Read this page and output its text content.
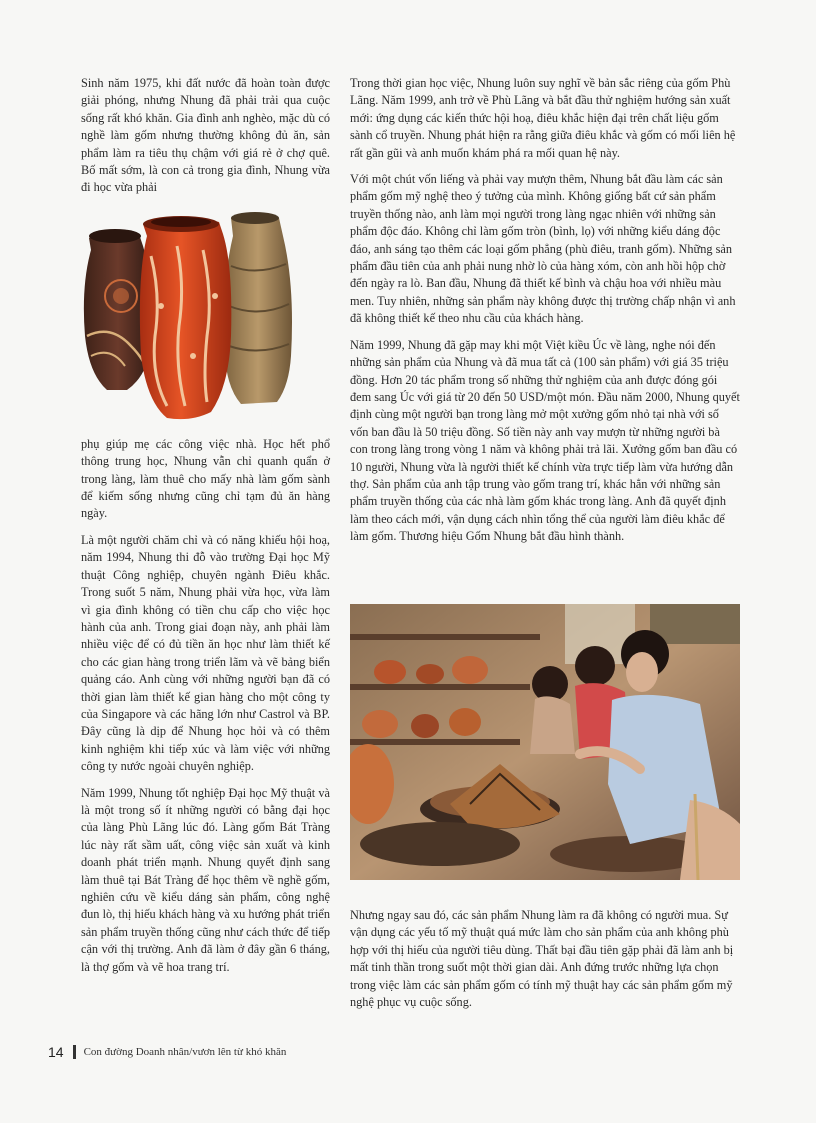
Sinh năm 1975, khi đất nước đã hoàn toàn được giải phóng, nhưng Nhung đã phải trải qua cuộc sống rất khó khăn. Gia đình anh nghèo, mặc dù có nghề làm gốm nhưng thường không đủ ăn, sản phẩm làm ra tiêu thụ chậm với giá rẻ ở chợ quê. Bố mất sớm, là con cả trong gia đình, Nhung vừa đi học vừa phải

phụ giúp mẹ các công việc nhà. Học hết phổ thông trung học, Nhung vẫn chỉ quanh quẩn ở trong làng, làm thuê cho mấy nhà làm gốm sành để kiếm sống nhưng cũng chỉ tạm đủ ăn hàng ngày.

Là một người chăm chỉ và có năng khiếu hội hoạ, năm 1994, Nhung thi đỗ vào trường Đại học Mỹ thuật Công nghiệp, chuyên ngành Điêu khắc. Trong suốt 5 năm, Nhung phải vừa học, vừa làm vì gia đình không có tiền chu cấp cho việc học hành của anh. Trong giai đoạn này, anh phải làm nhiều việc để có đủ tiền ăn học như làm thiết kế cho các gian hàng trong triển lãm và vẽ bảng biển quảng cáo. Anh cùng với những người bạn đã có thời gian làm thiết kế gian hàng cho một công ty của Singapore và các hãng lớn như Castrol và BP. Đây cũng là dịp để Nhung học hỏi và có thêm kinh nghiệm khi tiếp xúc và làm việc với những công ty nước ngoài chuyên nghiệp.

Năm 1999, Nhung tốt nghiệp Đại học Mỹ thuật và là một trong số ít những người có bằng đại học của làng Phù Lãng lúc đó. Làng gốm Bát Tràng lúc này rất sầm uất, công việc sản xuất và kinh doanh phát triển mạnh. Nhung quyết định sang làm thuê tại Bát Tràng để học thêm về nghề gốm, nghiên cứu về kiểu dáng sản phẩm, công nghệ đun lò, thị hiếu khách hàng và xu hướng phát triển sản phẩm truyền thống cũng như cách thức để tiếp cận với thị trường. Anh đã làm ở đây gần 6 tháng, là thợ gốm và vẽ hoa trang trí.

Trong thời gian học việc, Nhung luôn suy nghĩ về bản sắc riêng của gốm Phù Lãng. Năm 1999, anh trở về Phù Lãng và bắt đầu thử nghiệm hướng sản xuất mới: ứng dụng các kiến thức hội hoạ, điêu khắc hiện đại trên chất liệu gốm sành cổ truyền. Nhung phát hiện ra rằng giữa điêu khắc và gốm có mối liên hệ rất gần gũi và anh muốn khám phá ra mối quan hệ này.

Với một chút vốn liếng và phải vay mượn thêm, Nhung bắt đầu làm các sản phẩm gốm mỹ nghệ theo ý tưởng của mình. Không giống bất cứ sản phẩm truyền thống nào, anh làm mọi người trong làng ngạc nhiên với những sản phẩm độc đáo. Không chỉ làm gốm tròn (bình, lọ) với những kiểu dáng độc đáo, anh sáng tạo thêm các loại gốm phẳng (phù điêu, tranh gốm). Những sản phẩm đầu tiên của anh phải nung nhờ lò của hàng xóm, còn anh hồi hộp chờ đến ngày ra lò. Ban đầu, Nhung đã thiết kế bình và chậu hoa với nhiều màu men. Tuy nhiên, những sản phẩm này không được thị trường chấp nhận vì anh đã không thiết kế theo nhu cầu của khách hàng.

Năm 1999, Nhung đã gặp may khi một Việt kiều Úc về làng, nghe nói đến những sản phẩm của Nhung và đã mua tất cả (100 sản phẩm) với giá 35 triệu đồng. Hơn 20 tác phẩm trong số những thử nghiệm của anh được đóng gói đem sang Úc với giá từ 20 đến 50 USD/một món. Đầu năm 2000, Nhung quyết định cùng một người bạn trong làng mở một xưởng gốm nhỏ tại nhà với số vốn ban đầu là 50 triệu đồng. Số tiền này anh vay mượn từ những người bà con trong làng trong vòng 1 năm và không phải trả lãi. Xưởng gốm ban đầu có 10 người, Nhung vừa là người thiết kế chính vừa trực tiếp làm vừa hướng dẫn thợ. Sản phẩm của anh tập trung vào gốm trang trí, khác hẳn với những sản phẩm truyền thống của các nhà làm gốm khác trong làng. Anh đã quyết định làm theo cách mới, vận dụng cách nhìn tổng thể của người làm điêu khắc để làm gốm. Thương hiệu Gốm Nhung bắt đầu hình thành.

Nhưng ngay sau đó, các sản phẩm Nhung làm ra đã không có người mua. Sự vận dụng các yếu tố mỹ thuật quá mức làm cho sản phẩm của anh không phù hợp với thị hiếu của người tiêu dùng. Thất bại đầu tiên gặp phải đã làm anh bị mất tinh thần trong suốt một thời gian dài. Anh đứng trước những lựa chọn trong việc làm các sản phẩm gốm có tính mỹ thuật hay các sản phẩm gốm mỹ nghệ phục vụ cuộc sống.

14 Con đường Doanh nhân/vươn lên từ khó khăn
